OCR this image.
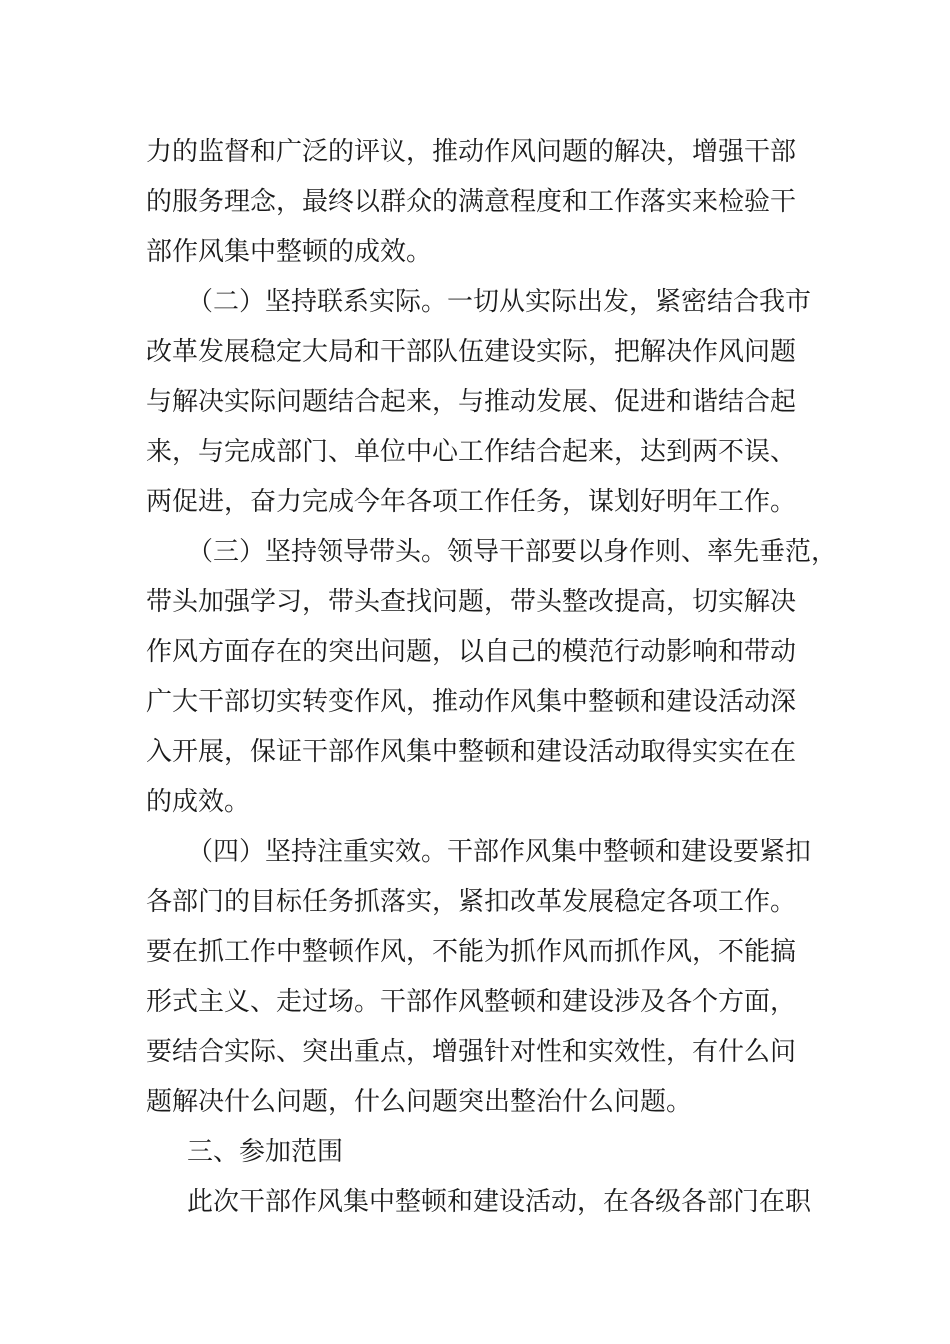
力的监督和广泛的评议，推动作风问题的解决，增强干部

的服务理念，最终以群众的满意程度和工作落实来检验干

部作风集中整顿的成效。

（二）坚持联系实际。一切从实际出发，紧密结合我市

改革发展稳定大局和干部队伍建设实际，把解决作风问题

与解决实际问题结合起来，与推动发展、促进和谐结合起

来，与完成部门、单位中心工作结合起来，达到两不误、

两促进，奋力完成今年各项工作任务，谋划好明年工作。

（三）坚持领导带头。领导干部要以身作则、率先垂范，

带头加强学习，带头查找问题，带头整改提高，切实解决

作风方面存在的突出问题，以自己的模范行动影响和带动

广大干部切实转变作风，推动作风集中整顿和建设活动深

入开展，保证干部作风集中整顿和建设活动取得实实在在

的成效。

（四）坚持注重实效。干部作风集中整顿和建设要紧扣

各部门的目标任务抓落实，紧扣改革发展稳定各项工作。

要在抓工作中整顿作风，不能为抓作风而抓作风，不能搞

形式主义、走过场。干部作风整顿和建设涉及各个方面，

要结合实际、突出重点，增强针对性和实效性，有什么问

题解决什么问题，什么问题突出整治什么问题。

三、参加范围

此次干部作风集中整顿和建设活动，在各级各部门在职
